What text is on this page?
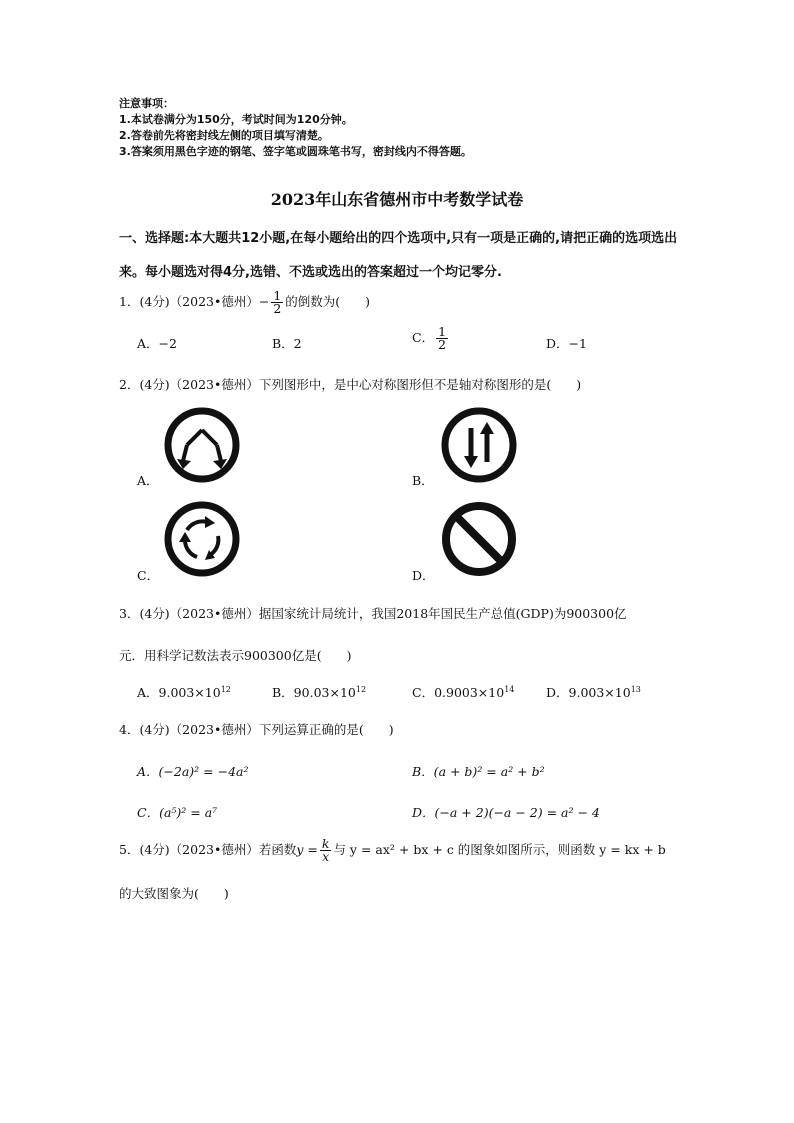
注意事项：
1.本试卷满分为150分，考试时间为120分钟。
2.答卷前先将密封线左侧的项目填写清楚。
3.答案须用黑色字迹的钢笔、签字笔或圆珠笔书写，密封线内不得答题。
2023年山东省德州市中考数学试卷
一、选择题:本大题共12小题,在每小题给出的四个选项中,只有一项是正确的,请把正确的选项选出来。每小题选对得4分,选错、不选或选出的答案超过一个均记零分.
1．(4分)（2023•德州）− $\frac{1}{2}$ 的倒数为(　　)
A．−2	B．2	C． $\frac{1}{2}$	D．−1
2．(4分)（2023•德州）下列图形中，是中心对称图形但不是轴对称图形的是(　　)
A．	B．
C．	D．
3．(4分)（2023•德州）据国家统计局统计，我国2018年国民生产总值(GDP)为900300亿
元．用科学记数法表示900300亿是(　　)
A．$9.003\times 10^{12}$	B．$90.03\times 10^{12}$	C．$0.9003\times 10^{14}$	D．$9.003\times 10^{13}$
4．(4分)（2023•德州）下列运算正确的是(　　)
A．(−2a)² = −4a²	B．(a + b)² = a² + b²
C．(a⁵)² = a⁷	D．(−a + 2)(−a − 2) = a² − 4
5．(4分)（2023•德州）若函数$y = \frac{k}{x}$ 与 y = ax² + bx + c 的图象如图所示，则函数 y = kx + b
的大致图象为(　　)
